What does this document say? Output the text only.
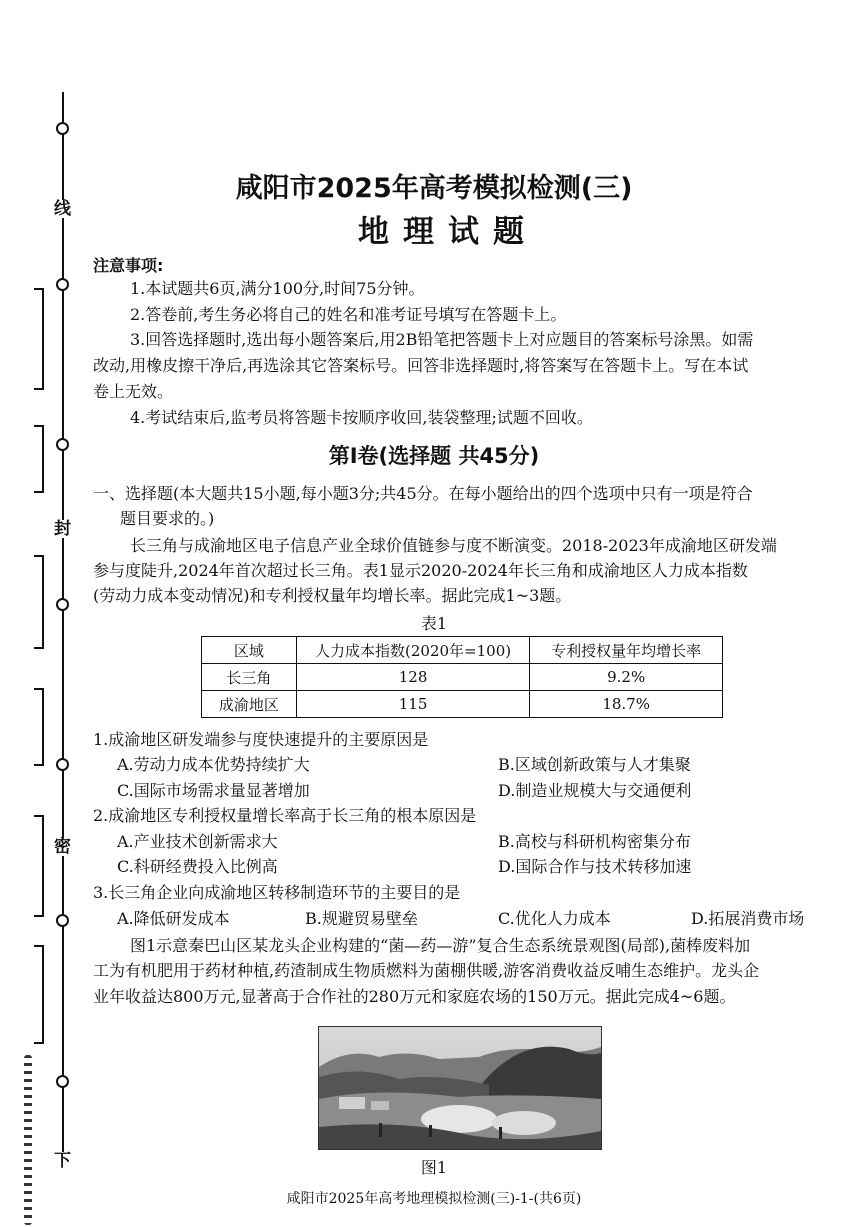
线
封
密
下
咸阳市2025年高考模拟检测(三)
地理试题
注意事项:
1.本试题共6页,满分100分,时间75分钟。
2.答卷前,考生务必将自己的姓名和准考证号填写在答题卡上。
3.回答选择题时,选出每小题答案后,用2B铅笔把答题卡上对应题目的答案标号涂黑。如需
改动,用橡皮擦干净后,再选涂其它答案标号。回答非选择题时,将答案写在答题卡上。写在本试
卷上无效。
4.考试结束后,监考员将答题卡按顺序收回,装袋整理;试题不回收。
第Ⅰ卷(选择题 共45分)
一、选择题(本大题共15小题,每小题3分;共45分。在每小题给出的四个选项中只有一项是符合
题目要求的。)
长三角与成渝地区电子信息产业全球价值链参与度不断演变。2018-2023年成渝地区研发端
参与度陡升,2024年首次超过长三角。表1显示2020-2024年长三角和成渝地区人力成本指数
(劳动力成本变动情况)和专利授权量年均增长率。据此完成1~3题。
表1
区域	人力成本指数(2020年=100)	专利授权量年均增长率
长三角	128	9.2%
成渝地区	115	18.7%
1.成渝地区研发端参与度快速提升的主要原因是
A.劳动力成本优势持续扩大	B.区域创新政策与人才集聚
C.国际市场需求量显著增加	D.制造业规模大与交通便利
2.成渝地区专利授权量增长率高于长三角的根本原因是
A.产业技术创新需求大	B.高校与科研机构密集分布
C.科研经费投入比例高	D.国际合作与技术转移加速
3.长三角企业向成渝地区转移制造环节的主要目的是
A.降低研发成本	B.规避贸易壁垒	C.优化人力成本	D.拓展消费市场
图1示意秦巴山区某龙头企业构建的“菌—药—游”复合生态系统景观图(局部),菌棒废料加
工为有机肥用于药材种植,药渣制成生物质燃料为菌棚供暖,游客消费收益反哺生态维护。龙头企
业年收益达800万元,显著高于合作社的280万元和家庭农场的150万元。据此完成4~6题。
图1
咸阳市2025年高考地理模拟检测(三)-1-(共6页)
